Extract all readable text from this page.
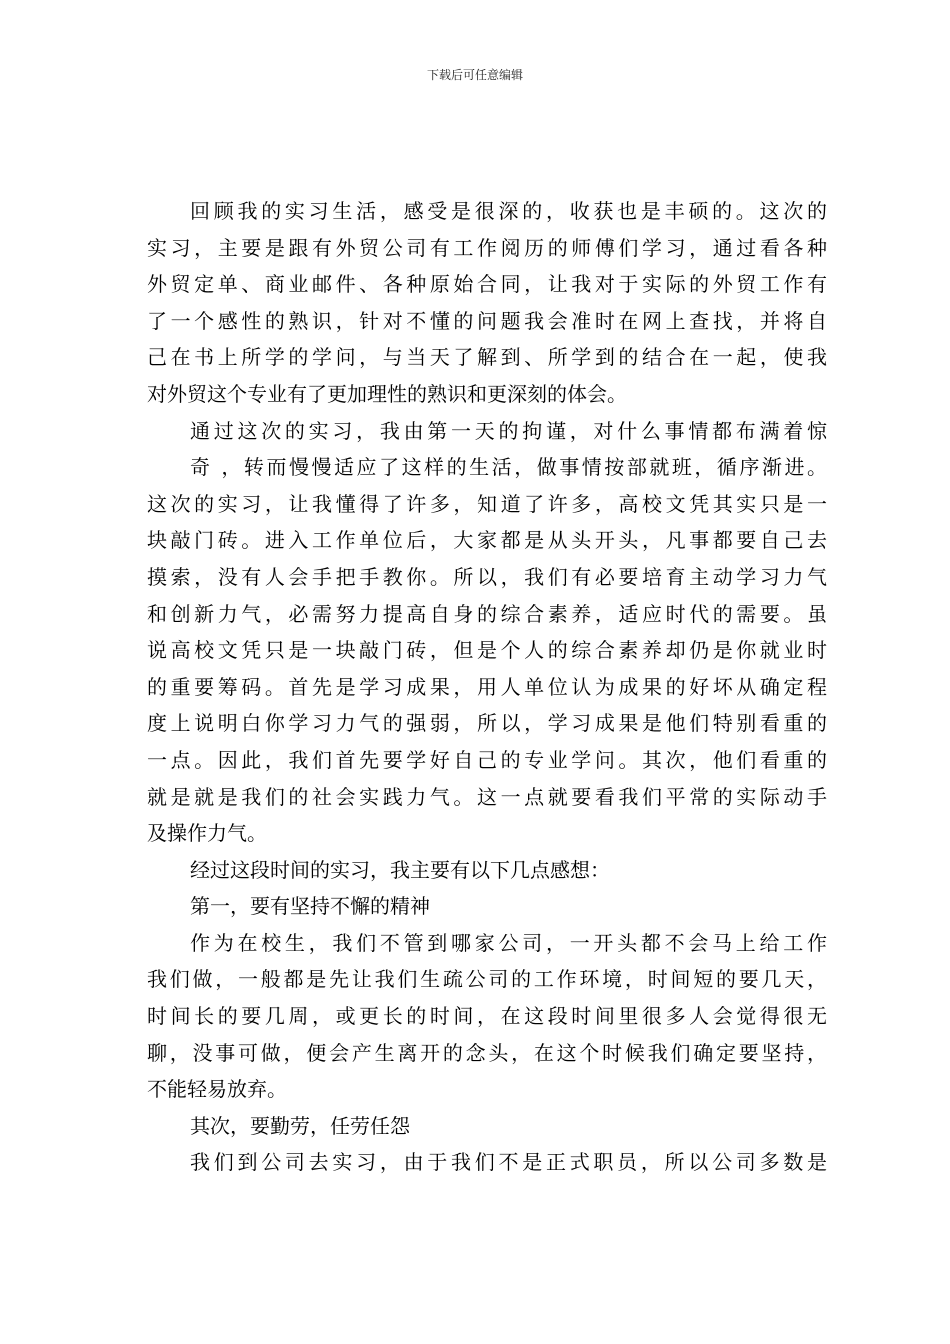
下载后可任意编辑
回顾我的实习生活，感受是很深的，收获也是丰硕的。这次的
实习，主要是跟有外贸公司有工作阅历的师傅们学习，通过看各种
外贸定单、商业邮件、各种原始合同，让我对于实际的外贸工作有
了一个感性的熟识，针对不懂的问题我会准时在网上查找，并将自
己在书上所学的学问，与当天了解到、所学到的结合在一起，使我
对外贸这个专业有了更加理性的熟识和更深刻的体会。
通过这次的实习，我由第一天的拘谨，对什么事情都布满着惊
奇 ，转而慢慢适应了这样的生活，做事情按部就班，循序渐进。
这次的实习，让我懂得了许多，知道了许多，高校文凭其实只是一
块敲门砖。进入工作单位后，大家都是从头开头，凡事都要自己去
摸索，没有人会手把手教你。所以，我们有必要培育主动学习力气
和创新力气，必需努力提高自身的综合素养，适应时代的需要。虽
说高校文凭只是一块敲门砖，但是个人的综合素养却仍是你就业时
的重要筹码。首先是学习成果，用人单位认为成果的好坏从确定程
度上说明白你学习力气的强弱，所以，学习成果是他们特别看重的
一点。因此，我们首先要学好自己的专业学问。其次，他们看重的
就是就是我们的社会实践力气。这一点就要看我们平常的实际动手
及操作力气。
经过这段时间的实习，我主要有以下几点感想：
第一，要有坚持不懈的精神
作为在校生，我们不管到哪家公司，一开头都不会马上给工作
我们做，一般都是先让我们生疏公司的工作环境，时间短的要几天，
时间长的要几周，或更长的时间，在这段时间里很多人会觉得很无
聊，没事可做，便会产生离开的念头，在这个时候我们确定要坚持，
不能轻易放弃。
其次，要勤劳，任劳任怨
我们到公司去实习，由于我们不是正式职员，所以公司多数是
